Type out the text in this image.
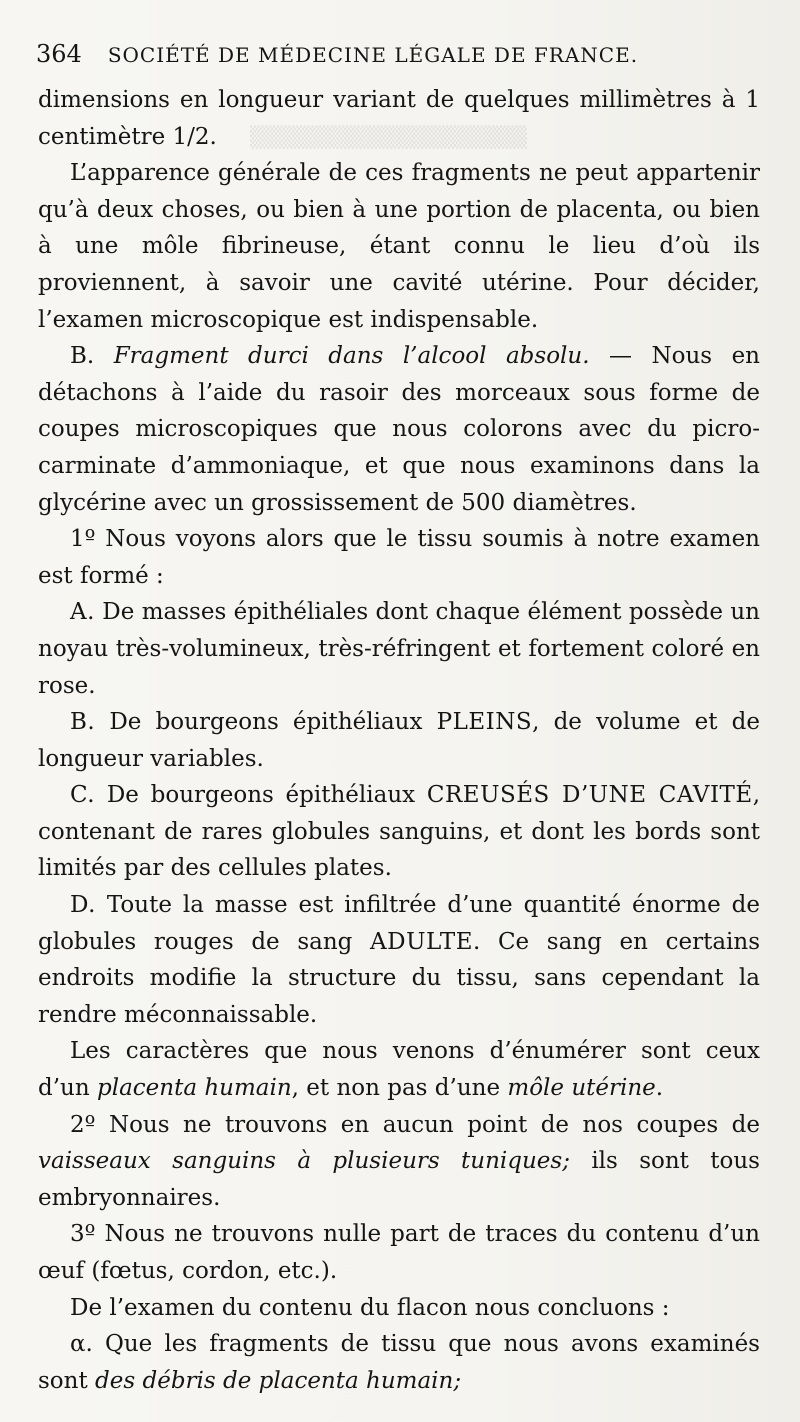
▒▒▒▒▒▒▒▒▒▒▒▒▒▒▒▒▒▒
364 SOCIÉTÉ DE MÉDECINE LÉGALE DE FRANCE.

dimensions en longueur variant de quelques millimètres à 1 centimètre 1/2.

L’apparence générale de ces fragments ne peut appartenir qu’à deux choses, ou bien à une portion de placenta, ou bien à une môle fibrineuse, étant connu le lieu d’où ils proviennent, à savoir une cavité utérine. Pour décider, l’examen microscopique est indispensable.

B. Fragment durci dans l’alcool absolu. — Nous en détachons à l’aide du rasoir des morceaux sous forme de coupes microscopiques que nous colorons avec du picro-carminate d’ammoniaque, et que nous examinons dans la glycérine avec un grossissement de 500 diamètres.

1º Nous voyons alors que le tissu soumis à notre examen est formé :

A. De masses épithéliales dont chaque élément possède un noyau très-volumineux, très-réfringent et fortement coloré en rose.

B. De bourgeons épithéliaux PLEINS, de volume et de longueur variables.

C. De bourgeons épithéliaux CREUSÉS D’UNE CAVITÉ, contenant de rares globules sanguins, et dont les bords sont limités par des cellules plates.

D. Toute la masse est infiltrée d’une quantité énorme de globules rouges de sang ADULTE. Ce sang en certains endroits modifie la structure du tissu, sans cependant la rendre méconnaissable.

Les caractères que nous venons d’énumérer sont ceux d’un placenta humain, et non pas d’une môle utérine.

2º Nous ne trouvons en aucun point de nos coupes de vaisseaux sanguins à plusieurs tuniques; ils sont tous embryonnaires.

3º Nous ne trouvons nulle part de traces du contenu d’un œuf (fœtus, cordon, etc.).

De l’examen du contenu du flacon nous concluons :

α. Que les fragments de tissu que nous avons examinés sont des débris de placenta humain;
